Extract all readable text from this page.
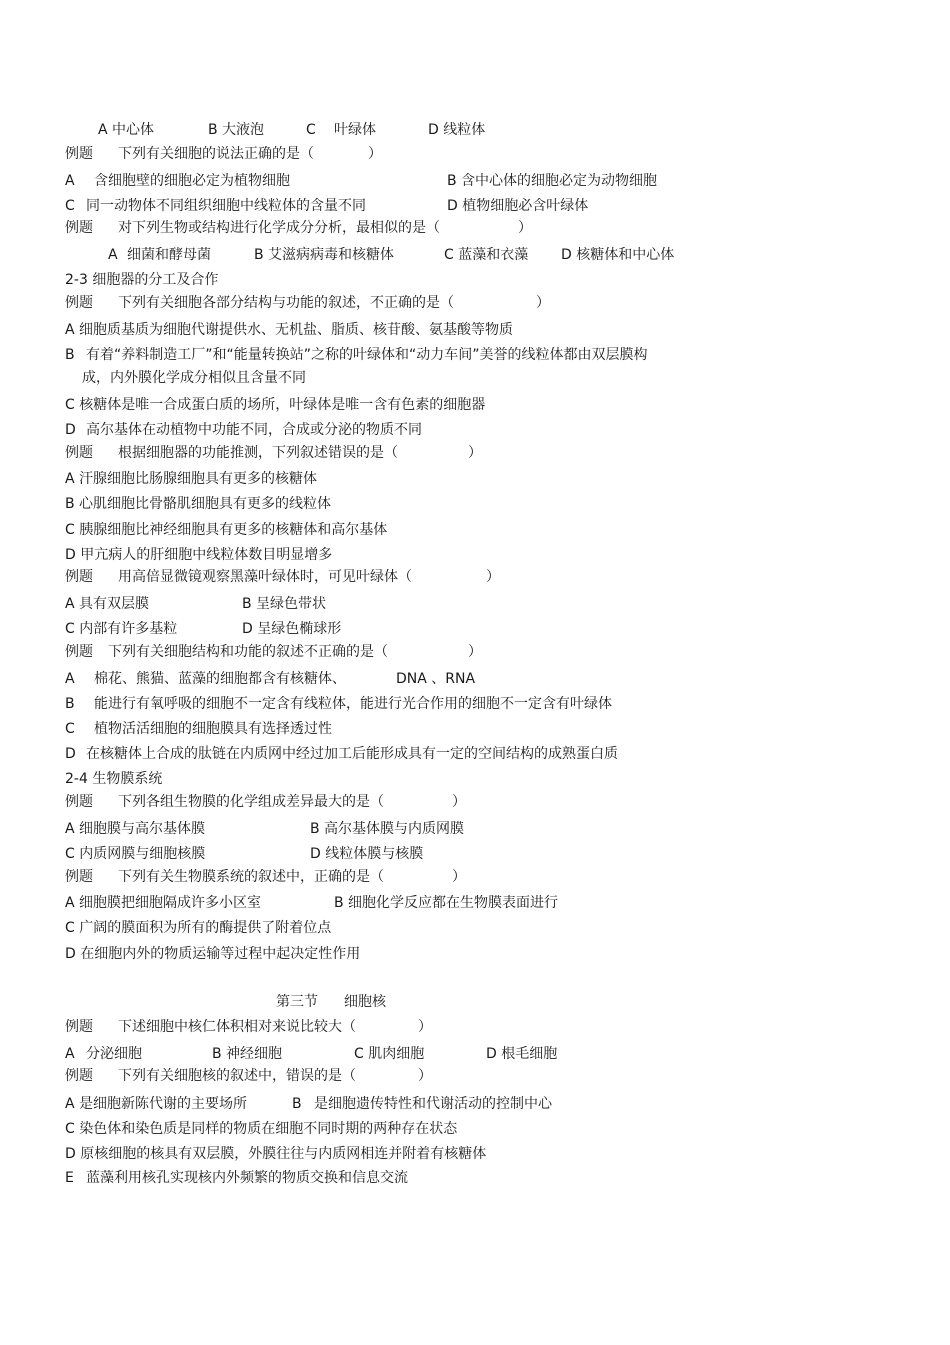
A 中心体	B 大液泡	C 叶绿体	D 线粒体
例题 下列有关细胞的说法正确的是（	）
A 含细胞壁的细胞必定为植物细胞	B 含中心体的细胞必定为动物细胞
C 同一动物体不同组织细胞中线粒体的含量不同	D 植物细胞必含叶绿体
例题 对下列生物或结构进行化学成分分析，最相似的是（	）
A 细菌和酵母菌	B 艾滋病病毒和核糖体	C 蓝藻和衣藻 D 核糖体和中心体
2-3 细胞器的分工及合作
例题 下列有关细胞各部分结构与功能的叙述，不正确的是（	）
A 细胞质基质为细胞代谢提供水、无机盐、脂质、核苷酸、氨基酸等物质
B 有着“养料制造工厂”和“能量转换站”之称的叶绿体和“动力车间”美誉的线粒体都由双层膜构
成，内外膜化学成分相似且含量不同
C 核糖体是唯一合成蛋白质的场所，叶绿体是唯一含有色素的细胞器
D 高尔基体在动植物中功能不同，合成或分泌的物质不同
例题 根据细胞器的功能推测，下列叙述错误的是（	）
A 汗腺细胞比肠腺细胞具有更多的核糖体
B 心肌细胞比骨骼肌细胞具有更多的线粒体
C 胰腺细胞比神经细胞具有更多的核糖体和高尔基体
D 甲亢病人的肝细胞中线粒体数目明显增多
例题 用高倍显微镜观察黑藻叶绿体时，可见叶绿体（	）
A 具有双层膜	B 呈绿色带状
C 内部有许多基粒	D 呈绿色椭球形
例题 下列有关细胞结构和功能的叙述不正确的是（	）
A 棉花、熊猫、蓝藻的细胞都含有核糖体、	DNA 、RNA
B 能进行有氧呼吸的细胞不一定含有线粒体，能进行光合作用的细胞不一定含有叶绿体
C 植物活活细胞的细胞膜具有选择透过性
D 在核糖体上合成的肽链在内质网中经过加工后能形成具有一定的空间结构的成熟蛋白质
2-4 生物膜系统
例题 下列各组生物膜的化学组成差异最大的是（	）
A 细胞膜与高尔基体膜	B 高尔基体膜与内质网膜
C 内质网膜与细胞核膜	D 线粒体膜与核膜
例题 下列有关生物膜系统的叙述中，正确的是（	）
A 细胞膜把细胞隔成许多小区室	B 细胞化学反应都在生物膜表面进行
C 广阔的膜面积为所有的酶提供了附着位点
D 在细胞内外的物质运输等过程中起决定性作用
第三节 细胞核
例题 下述细胞中核仁体积相对来说比较大（	）
A 分泌细胞	B 神经细胞	C 肌肉细胞	D 根毛细胞
例题 下列有关细胞核的叙述中，错误的是（	）
A 是细胞新陈代谢的主要场所	B 是细胞遗传特性和代谢活动的控制中心
C 染色体和染色质是同样的物质在细胞不同时期的两种存在状态
D 原核细胞的核具有双层膜，外膜往往与内质网相连并附着有核糖体
E 蓝藻利用核孔实现核内外频繁的物质交换和信息交流
